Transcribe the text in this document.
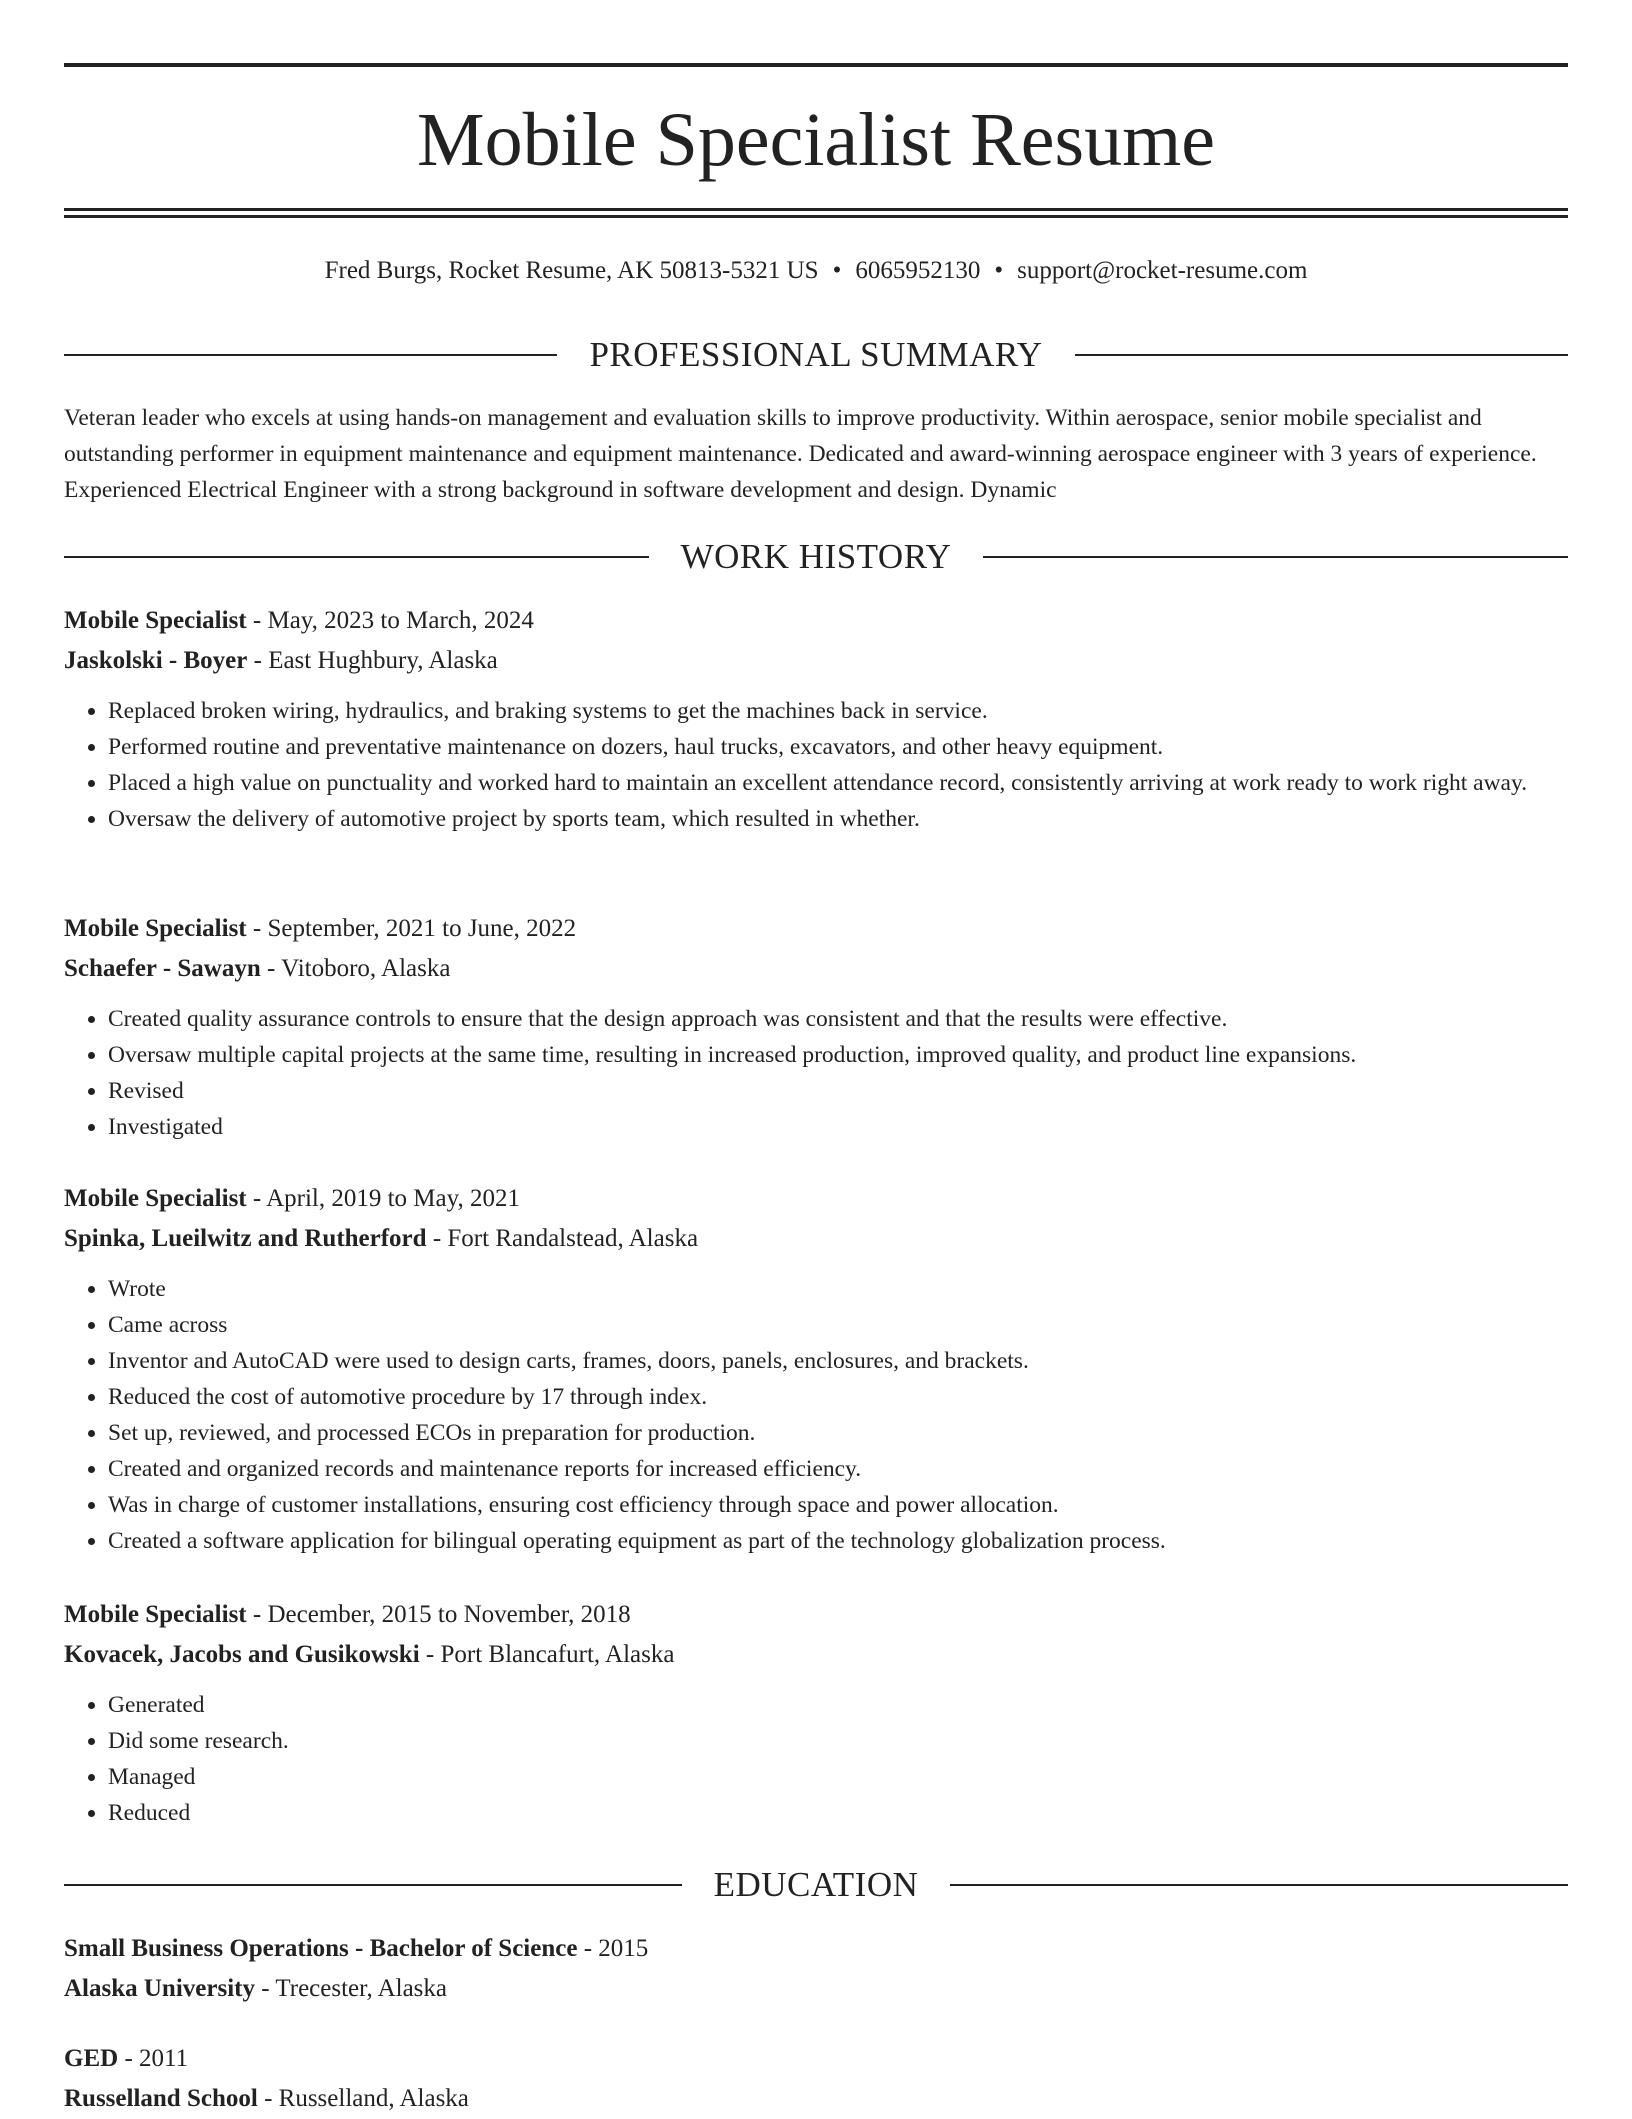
Mobile Specialist Resume
Fred Burgs, Rocket Resume, AK 50813-5321 US • 6065952130 • support@rocket-resume.com
PROFESSIONAL SUMMARY

Veteran leader who excels at using hands-on management and evaluation skills to improve productivity. Within aerospace, senior mobile specialist and outstanding performer in equipment maintenance and equipment maintenance. Dedicated and award-winning aerospace engineer with 3 years of experience. Experienced Electrical Engineer with a strong background in software development and design. Dynamic

WORK HISTORY

Mobile Specialist - May, 2023 to March, 2024

Jaskolski - Boyer - East Hughbury, Alaska

• Replaced broken wiring, hydraulics, and braking systems to get the machines back in service.
• Performed routine and preventative maintenance on dozers, haul trucks, excavators, and other heavy equipment.
• Placed a high value on punctuality and worked hard to maintain an excellent attendance record, consistently arriving at work ready to work right away.
• Oversaw the delivery of automotive project by sports team, which resulted in whether.

Mobile Specialist - September, 2021 to June, 2022

Schaefer - Sawayn - Vitoboro, Alaska

• Created quality assurance controls to ensure that the design approach was consistent and that the results were effective.
• Oversaw multiple capital projects at the same time, resulting in increased production, improved quality, and product line expansions.
• Revised
• Investigated

Mobile Specialist - April, 2019 to May, 2021

Spinka, Lueilwitz and Rutherford - Fort Randalstead, Alaska

• Wrote
• Came across
• Inventor and AutoCAD were used to design carts, frames, doors, panels, enclosures, and brackets.
• Reduced the cost of automotive procedure by 17 through index.
• Set up, reviewed, and processed ECOs in preparation for production.
• Created and organized records and maintenance reports for increased efficiency.
• Was in charge of customer installations, ensuring cost efficiency through space and power allocation.
• Created a software application for bilingual operating equipment as part of the technology globalization process.

Mobile Specialist - December, 2015 to November, 2018

Kovacek, Jacobs and Gusikowski - Port Blancafurt, Alaska

• Generated
• Did some research.
• Managed
• Reduced
EDUCATION

Small Business Operations - Bachelor of Science - 2015

Alaska University - Trecester, Alaska

GED - 2011

Russelland School - Russelland, Alaska
